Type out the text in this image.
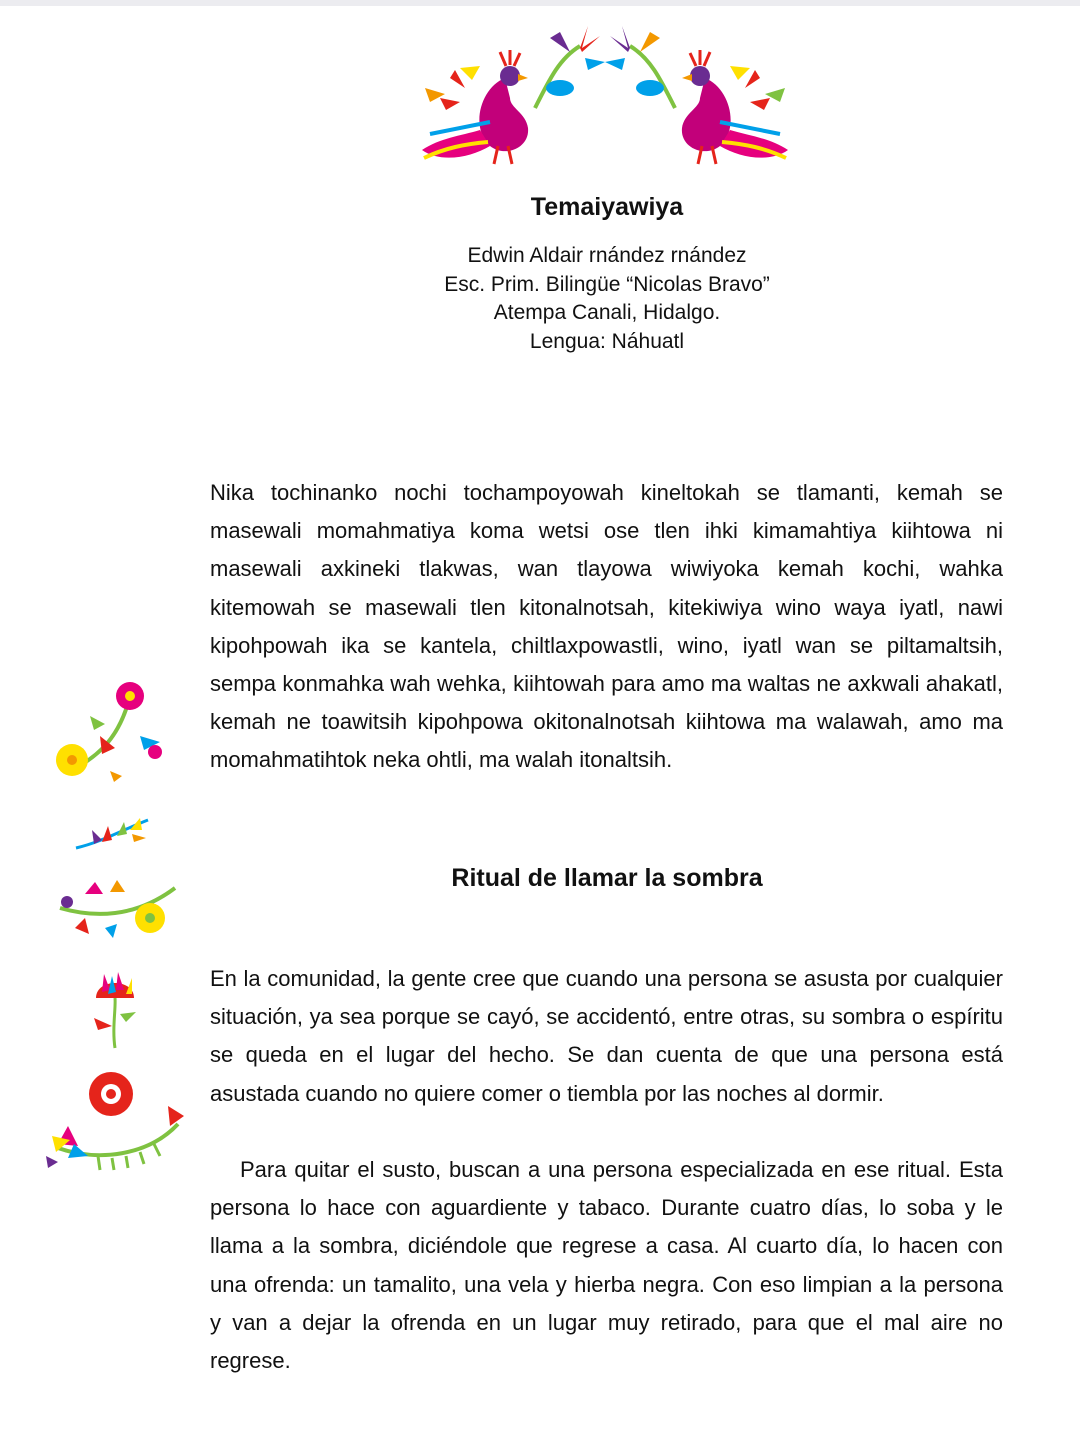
Temaiyawiya
Edwin Aldair rnández rnández
Esc. Prim. Bilingüe “Nicolas Bravo”
Atempa Canali, Hidalgo.
Lengua: Náhuatl

Nika tochinanko nochi tochampoyowah kineltokah se tlamanti, kemah se masewali momahmatiya koma wetsi ose tlen ihki kimamahtiya kiihtowa ni masewali axkineki tlakwas, wan tlayowa wiwiyoka kemah kochi, wahka kitemowah se masewali tlen kitonalnotsah, kitekiwiya wino waya iyatl, nawi kipohpowah ika se kantela, chiltlaxpowastli, wino, iyatl wan se piltamaltsih, sempa konmahka wah wehka, kiihtowah para amo ma waltas ne axkwali ahakatl, kemah ne toawitsih kipohpowa okitonalnotsah kiihtowa ma walawah, amo ma momahmatihtok neka ohtli, ma walah itonaltsih.

Ritual de llamar la sombra

En la comunidad, la gente cree que cuando una persona se asusta por cualquier situación, ya sea porque se cayó, se accidentó, entre otras, su sombra o espíritu se queda en el lugar del hecho. Se dan cuenta de que una persona está asustada cuando no quiere comer o tiembla por las noches al dormir.

Para quitar el susto, buscan a una persona especializada en ese ritual. Esta persona lo hace con aguardiente y tabaco. Durante cuatro días, lo soba y le llama a la sombra, diciéndole que regrese a casa. Al cuarto día, lo hacen con una ofrenda: un tamalito, una vela y hierba negra. Con eso limpian a la persona y van a dejar la ofrenda en un lugar muy retirado, para que el mal aire no regrese.
